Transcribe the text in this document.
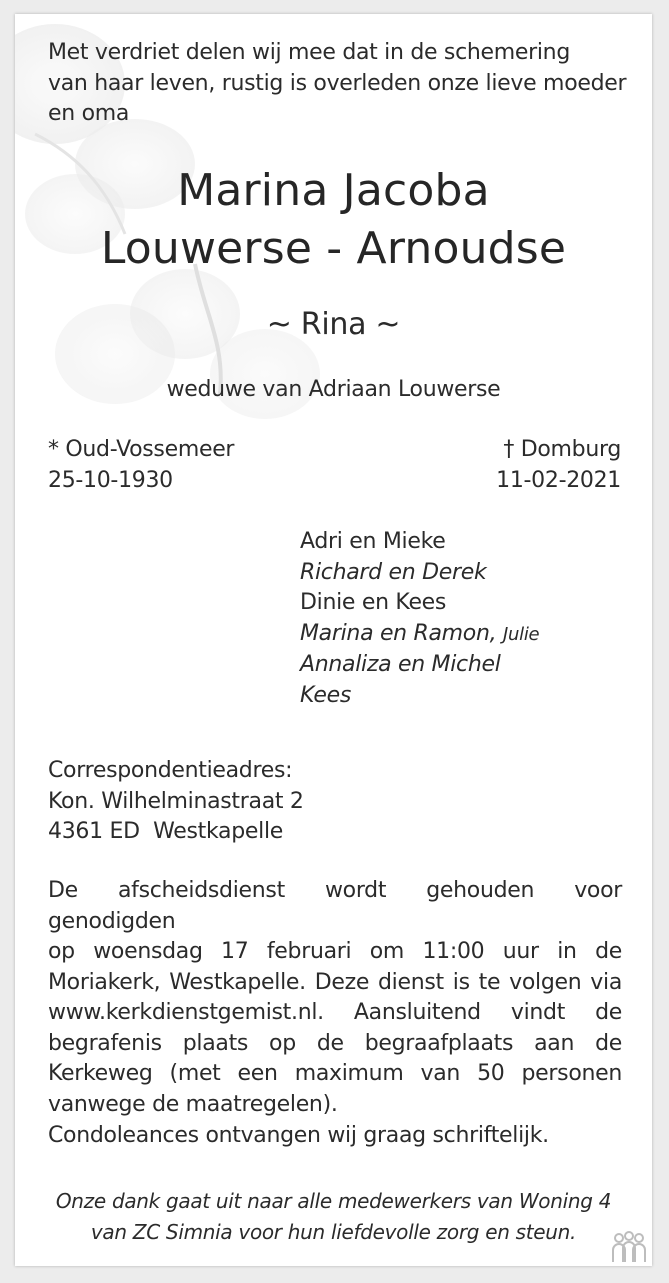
Met verdriet delen wij mee dat in de schemering
van haar leven, rustig is overleden onze lieve moeder
en oma
Marina Jacoba
Louwerse - Arnoudse
~ Rina ~
weduwe van Adriaan Louwerse
* Oud-Vossemeer
25-10-1930
† Domburg
11-02-2021
Adri en Mieke
Richard en Derek
Dinie en Kees
Marina en Ramon, Julie
Annaliza en Michel
Kees
Correspondentieadres:
Kon. Wilhelminastraat 2
4361 ED  Westkapelle
De afscheidsdienst wordt gehouden voor genodigden
op woensdag 17 februari om 11:00 uur in de
Moriakerk, Westkapelle. Deze dienst is te volgen via
www.kerkdienstgemist.nl. Aansluitend vindt de
begrafenis plaats op de begraafplaats aan de
Kerkeweg (met een maximum van 50 personen
vanwege de maatregelen).
Condoleances ontvangen wij graag schriftelijk.
Onze dank gaat uit naar alle medewerkers van Woning 4
van ZC Simnia voor hun liefdevolle zorg en steun.
